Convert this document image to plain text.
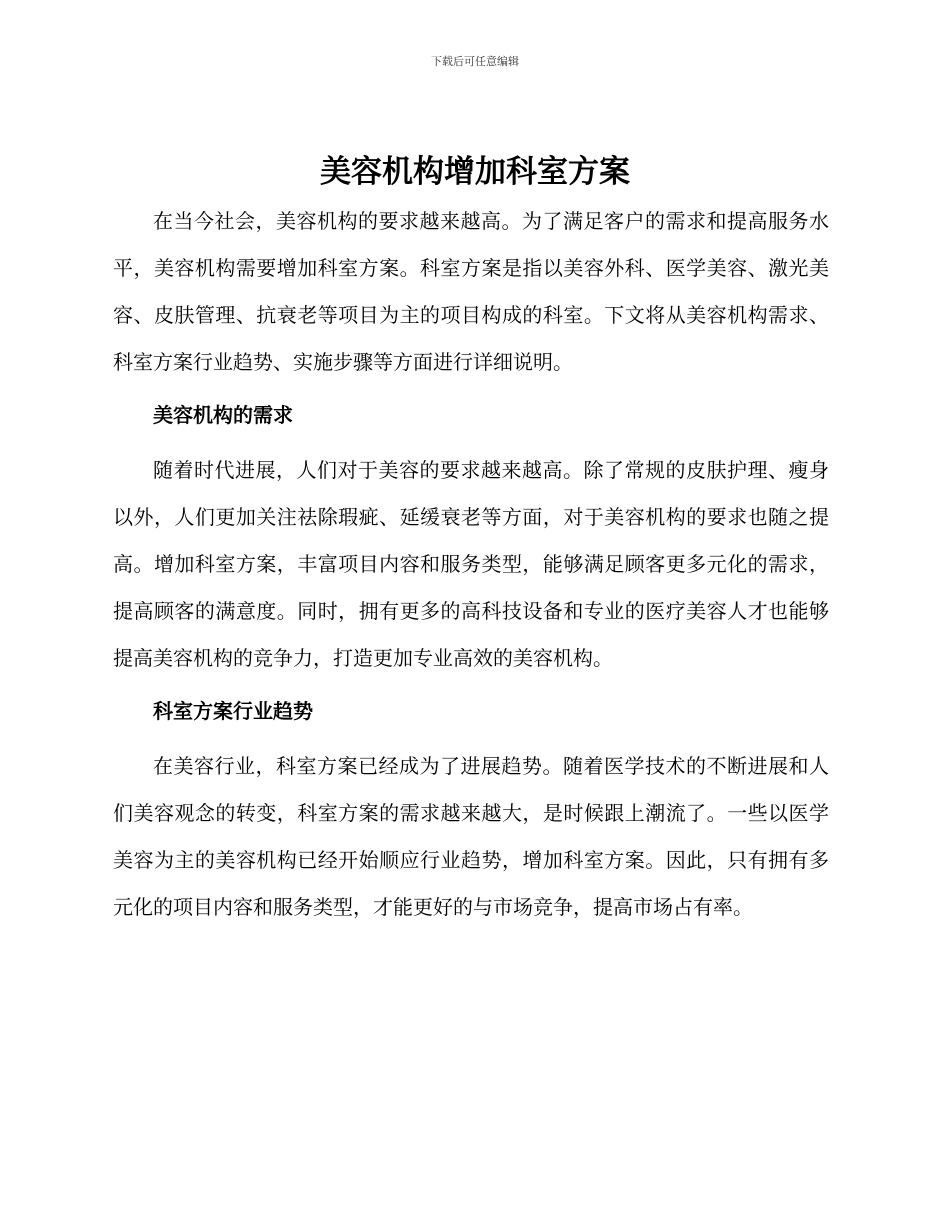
下载后可任意编辑
美容机构增加科室方案

在当今社会，美容机构的要求越来越高。为了满足客户的需求和提高服务水平，美容机构需要增加科室方案。科室方案是指以美容外科、医学美容、激光美容、皮肤管理、抗衰老等项目为主的项目构成的科室。下文将从美容机构需求、科室方案行业趋势、实施步骤等方面进行详细说明。

美容机构的需求

随着时代进展，人们对于美容的要求越来越高。除了常规的皮肤护理、瘦身以外，人们更加关注祛除瑕疵、延缓衰老等方面，对于美容机构的要求也随之提高。增加科室方案，丰富项目内容和服务类型，能够满足顾客更多元化的需求，提高顾客的满意度。同时，拥有更多的高科技设备和专业的医疗美容人才也能够提高美容机构的竞争力，打造更加专业高效的美容机构。

科室方案行业趋势

在美容行业，科室方案已经成为了进展趋势。随着医学技术的不断进展和人们美容观念的转变，科室方案的需求越来越大，是时候跟上潮流了。一些以医学美容为主的美容机构已经开始顺应行业趋势，增加科室方案。因此，只有拥有多元化的项目内容和服务类型，才能更好的与市场竞争，提高市场占有率。
